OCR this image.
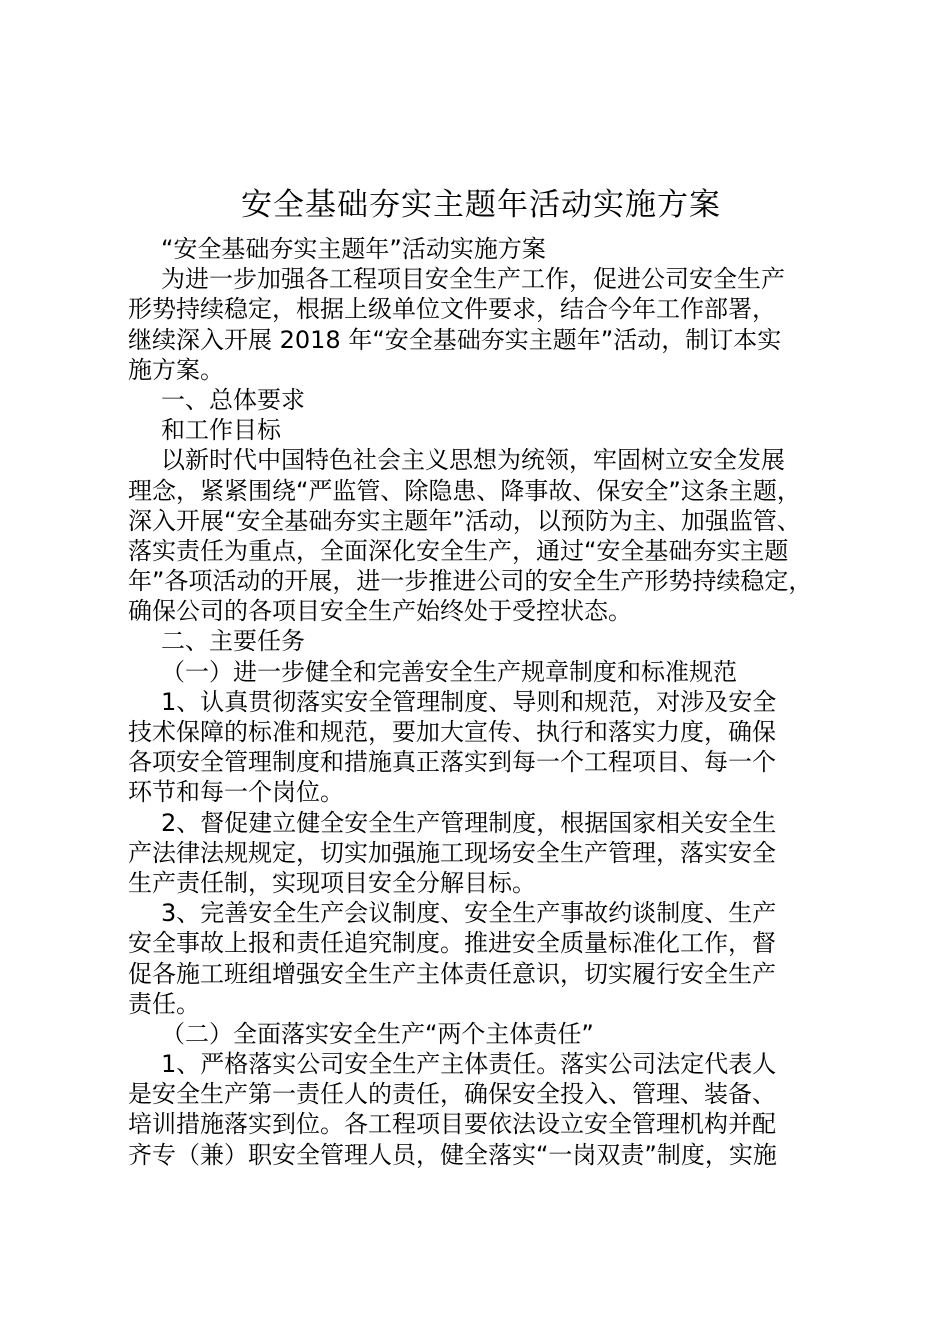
安全基础夯实主题年活动实施方案

“安全基础夯实主题年”活动实施方案

为进一步加强各工程项目安全生产工作，促进公司安全生产

形势持续稳定，根据上级单位文件要求，结合今年工作部署，

继续深入开展 2018 年“安全基础夯实主题年”活动，制订本实

施方案。

一、总体要求

和工作目标

以新时代中国特色社会主义思想为统领，牢固树立安全发展

理念，紧紧围绕“严监管、除隐患、降事故、保安全”这条主题，

深入开展“安全基础夯实主题年”活动，以预防为主、加强监管、

落实责任为重点，全面深化安全生产，通过“安全基础夯实主题

年”各项活动的开展，进一步推进公司的安全生产形势持续稳定，

确保公司的各项目安全生产始终处于受控状态。

二、主要任务

（一）进一步健全和完善安全生产规章制度和标准规范

1、认真贯彻落实安全管理制度、导则和规范，对涉及安全

技术保障的标准和规范，要加大宣传、执行和落实力度，确保

各项安全管理制度和措施真正落实到每一个工程项目、每一个

环节和每一个岗位。

2、督促建立健全安全生产管理制度，根据国家相关安全生

产法律法规规定，切实加强施工现场安全生产管理，落实安全

生产责任制，实现项目安全分解目标。

3、完善安全生产会议制度、安全生产事故约谈制度、生产

安全事故上报和责任追究制度。推进安全质量标准化工作，督

促各施工班组增强安全生产主体责任意识，切实履行安全生产

责任。

（二）全面落实安全生产“两个主体责任”

1、严格落实公司安全生产主体责任。落实公司法定代表人

是安全生产第一责任人的责任，确保安全投入、管理、装备、

培训措施落实到位。各工程项目要依法设立安全管理机构并配

齐专（兼）职安全管理人员，健全落实“一岗双责”制度，实施
